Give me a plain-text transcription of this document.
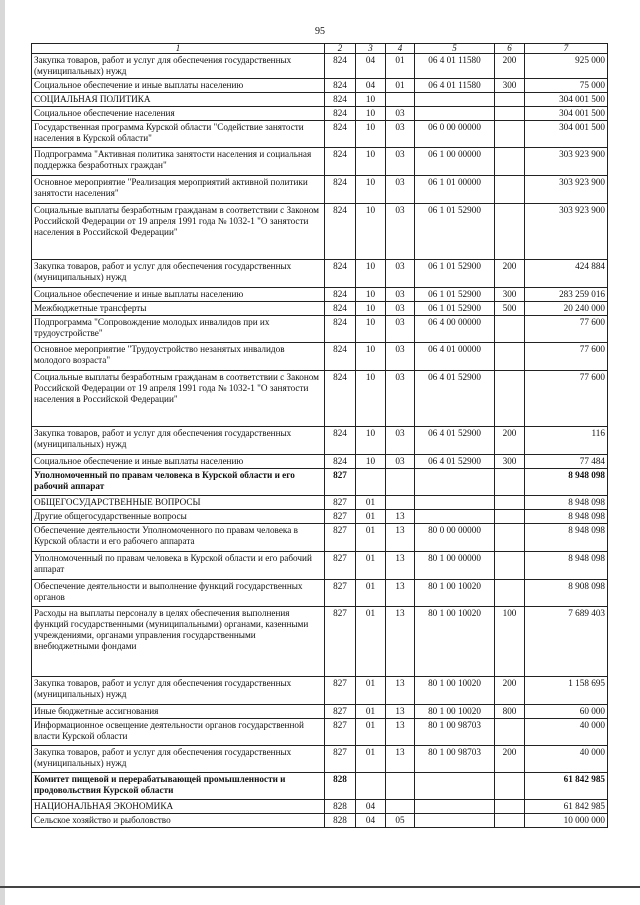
95
1	2	3	4	5	6	7
Закупка товаров, работ и услуг для обеспечения государственных (муниципальных) нужд	824	04	01	06 4 01 11580	200	925 000
Социальное обеспечение и иные выплаты населению	824	04	01	06 4 01 11580	300	75 000
СОЦИАЛЬНАЯ ПОЛИТИКА	824	10				304 001 500
Социальное обеспечение населения	824	10	03			304 001 500
Государственная программа Курской области "Содействие занятости населения в Курской области"	824	10	03	06 0 00 00000		304 001 500
Подпрограмма "Активная политика занятости населения и социальная поддержка безработных граждан"	824	10	03	06 1 00 00000		303 923 900
Основное мероприятие "Реализация мероприятий активной политики занятости населения"	824	10	03	06 1 01 00000		303 923 900
Социальные выплаты безработным гражданам в соответствии с Законом Российской Федерации от 19 апреля 1991 года № 1032-1 "О занятости населения в Российской Федерации"	824	10	03	06 1 01 52900		303 923 900
Закупка товаров, работ и услуг для обеспечения государственных (муниципальных) нужд	824	10	03	06 1 01 52900	200	424 884
Социальное обеспечение и иные выплаты населению	824	10	03	06 1 01 52900	300	283 259 016
Межбюджетные трансферты	824	10	03	06 1 01 52900	500	20 240 000
Подпрограмма "Сопровождение молодых инвалидов при их трудоустройстве"	824	10	03	06 4 00 00000		77 600
Основное мероприятие "Трудоустройство незанятых инвалидов молодого возраста"	824	10	03	06 4 01 00000		77 600
Социальные выплаты безработным гражданам в соответствии с Законом Российской Федерации от 19 апреля 1991 года № 1032-1 "О занятости населения в Российской Федерации"	824	10	03	06 4 01 52900		77 600
Закупка товаров, работ и услуг для обеспечения государственных (муниципальных) нужд	824	10	03	06 4 01 52900	200	116
Социальное обеспечение и иные выплаты населению	824	10	03	06 4 01 52900	300	77 484
Уполномоченный по правам человека в Курской области и его рабочий аппарат	827					8 948 098
ОБЩЕГОСУДАРСТВЕННЫЕ ВОПРОСЫ	827	01				8 948 098
Другие общегосударственные вопросы	827	01	13			8 948 098
Обеспечение деятельности Уполномоченного по правам человека в Курской области и его рабочего аппарата	827	01	13	80 0 00 00000		8 948 098
Уполномоченный по правам человека в Курской области и его рабочий аппарат	827	01	13	80 1 00 00000		8 948 098
Обеспечение деятельности и выполнение функций государственных органов	827	01	13	80 1 00 10020		8 908 098
Расходы на выплаты персоналу в целях обеспечения выполнения функций государственными (муниципальными) органами, казенными учреждениями, органами управления государственными внебюджетными фондами	827	01	13	80 1 00 10020	100	7 689 403
Закупка товаров, работ и услуг для обеспечения государственных (муниципальных) нужд	827	01	13	80 1 00 10020	200	1 158 695
Иные бюджетные ассигнования	827	01	13	80 1 00 10020	800	60 000
Информационное освещение деятельности органов государственной власти Курской области	827	01	13	80 1 00 98703		40 000
Закупка товаров, работ и услуг для обеспечения государственных (муниципальных) нужд	827	01	13	80 1 00 98703	200	40 000
Комитет пищевой и перерабатывающей промышленности и продовольствия Курской области	828					61 842 985
НАЦИОНАЛЬНАЯ ЭКОНОМИКА	828	04				61 842 985
Сельское хозяйство и рыболовство	828	04	05			10 000 000
